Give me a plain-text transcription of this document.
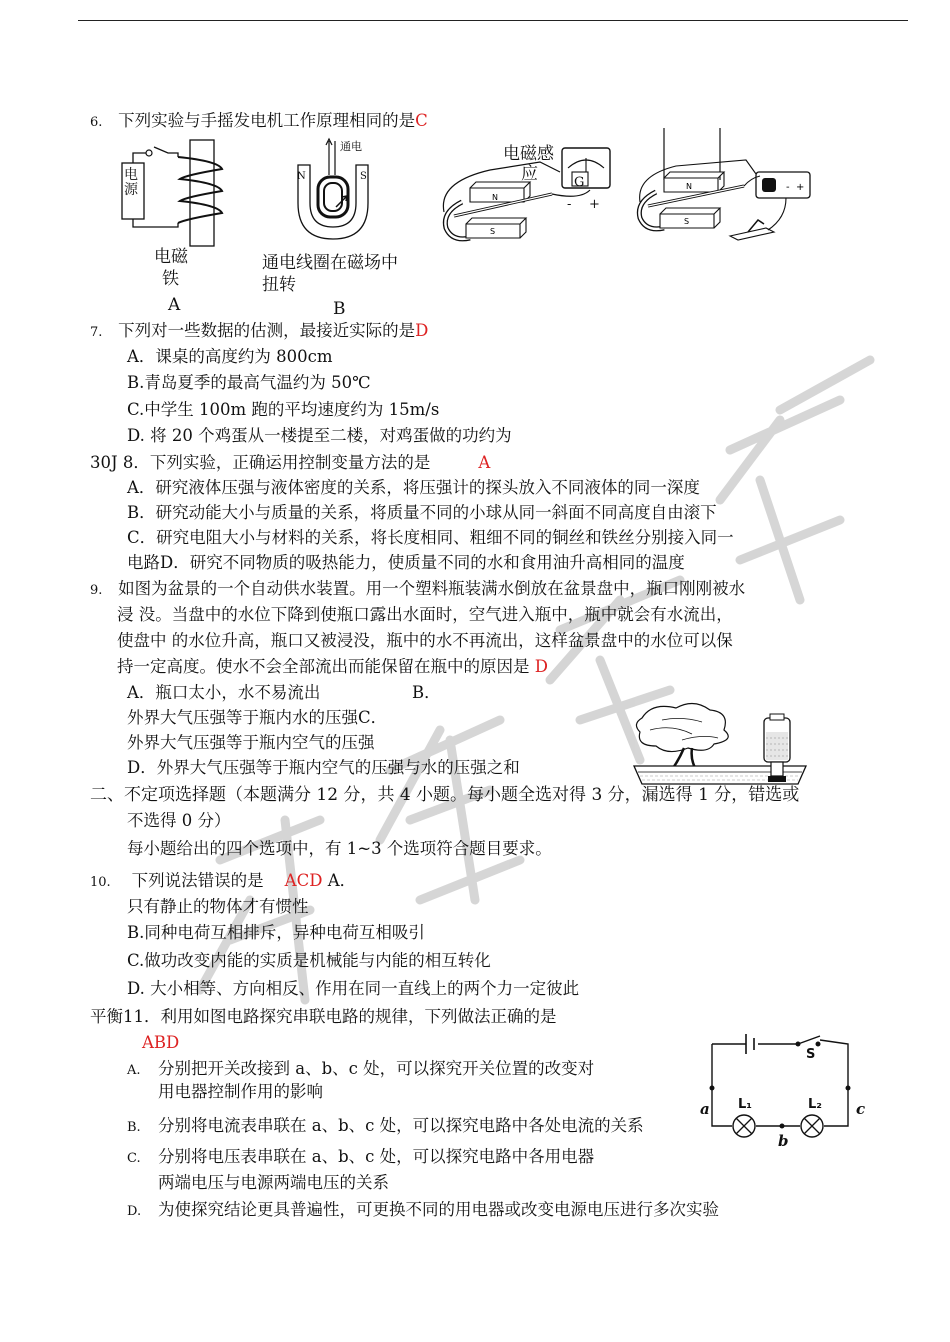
6. 下列实验与手摇发电机工作原理相同的是C
电源
电磁
铁
A
通电
N	S
通电线圈在磁场中
扭转
B
N
S
电磁感
应	G
- +
N
S
- +
7. 下列对一些数据的估测，最接近实际的是D
A．课桌的高度约为 800cm
B.青岛夏季的最高气温约为 50℃
C.中学生 100m 跑的平均速度约为 15m/s
D. 将 20 个鸡蛋从一楼提至二楼，对鸡蛋做的功约为
30J 8．下列实验，正确运用控制变量方法的是	A
A．研究液体压强与液体密度的关系，将压强计的探头放入不同液体的同一深度
B．研究动能大小与质量的关系，将质量不同的小球从同一斜面不同高度自由滚下
C．研究电阻大小与材料的关系，将长度相同、粗细不同的铜丝和铁丝分别接入同一
电路D．研究不同物质的吸热能力，使质量不同的水和食用油升高相同的温度
9. 如图为盆景的一个自动供水装置。用一个塑料瓶装满水倒放在盆景盘中，瓶口刚刚被水
浸 没。当盘中的水位下降到使瓶口露出水面时，空气进入瓶中，瓶中就会有水流出，
使盘中 的水位升高，瓶口又被浸没，瓶中的水不再流出，这样盆景盘中的水位可以保
持一定高度。使水不会全部流出而能保留在瓶中的原因是 D
A．瓶口太小，水不易流出	B．
外界大气压强等于瓶内水的压强C．
外界大气压强等于瓶内空气的压强
D．外界大气压强等于瓶内空气的压强与水的压强之和
二、不定项选择题（本题满分 12 分，共 4 小题。每小题全选对得 3 分，漏选得 1 分，错选或
不选得 0 分）
每小题给出的四个选项中，有 1~3 个选项符合题目要求。
10. 下列说法错误的是 ACD A．
只有静止的物体才有惯性
B.同种电荷互相排斥，异种电荷互相吸引
C.做功改变内能的实质是机械能与内能的相互转化
D. 大小相等、方向相反、作用在同一直线上的两个力一定彼此
平衡11．利用如图电路探究串联电路的规律，下列做法正确的是
ABD
A. 分别把开关改接到 a、b、c 处，可以探究开关位置的改变对
用电器控制作用的影响
B. 分别将电流表串联在 a、b、c 处，可以探究电路中各处电流的关系
C. 分别将电压表串联在 a、b、c 处，可以探究电路中各用电器
两端电压与电源两端电压的关系
D. 为使探究结论更具普遍性，可更换不同的用电器或改变电源电压进行多次实验
S
L₁	L₂
a
b
c
